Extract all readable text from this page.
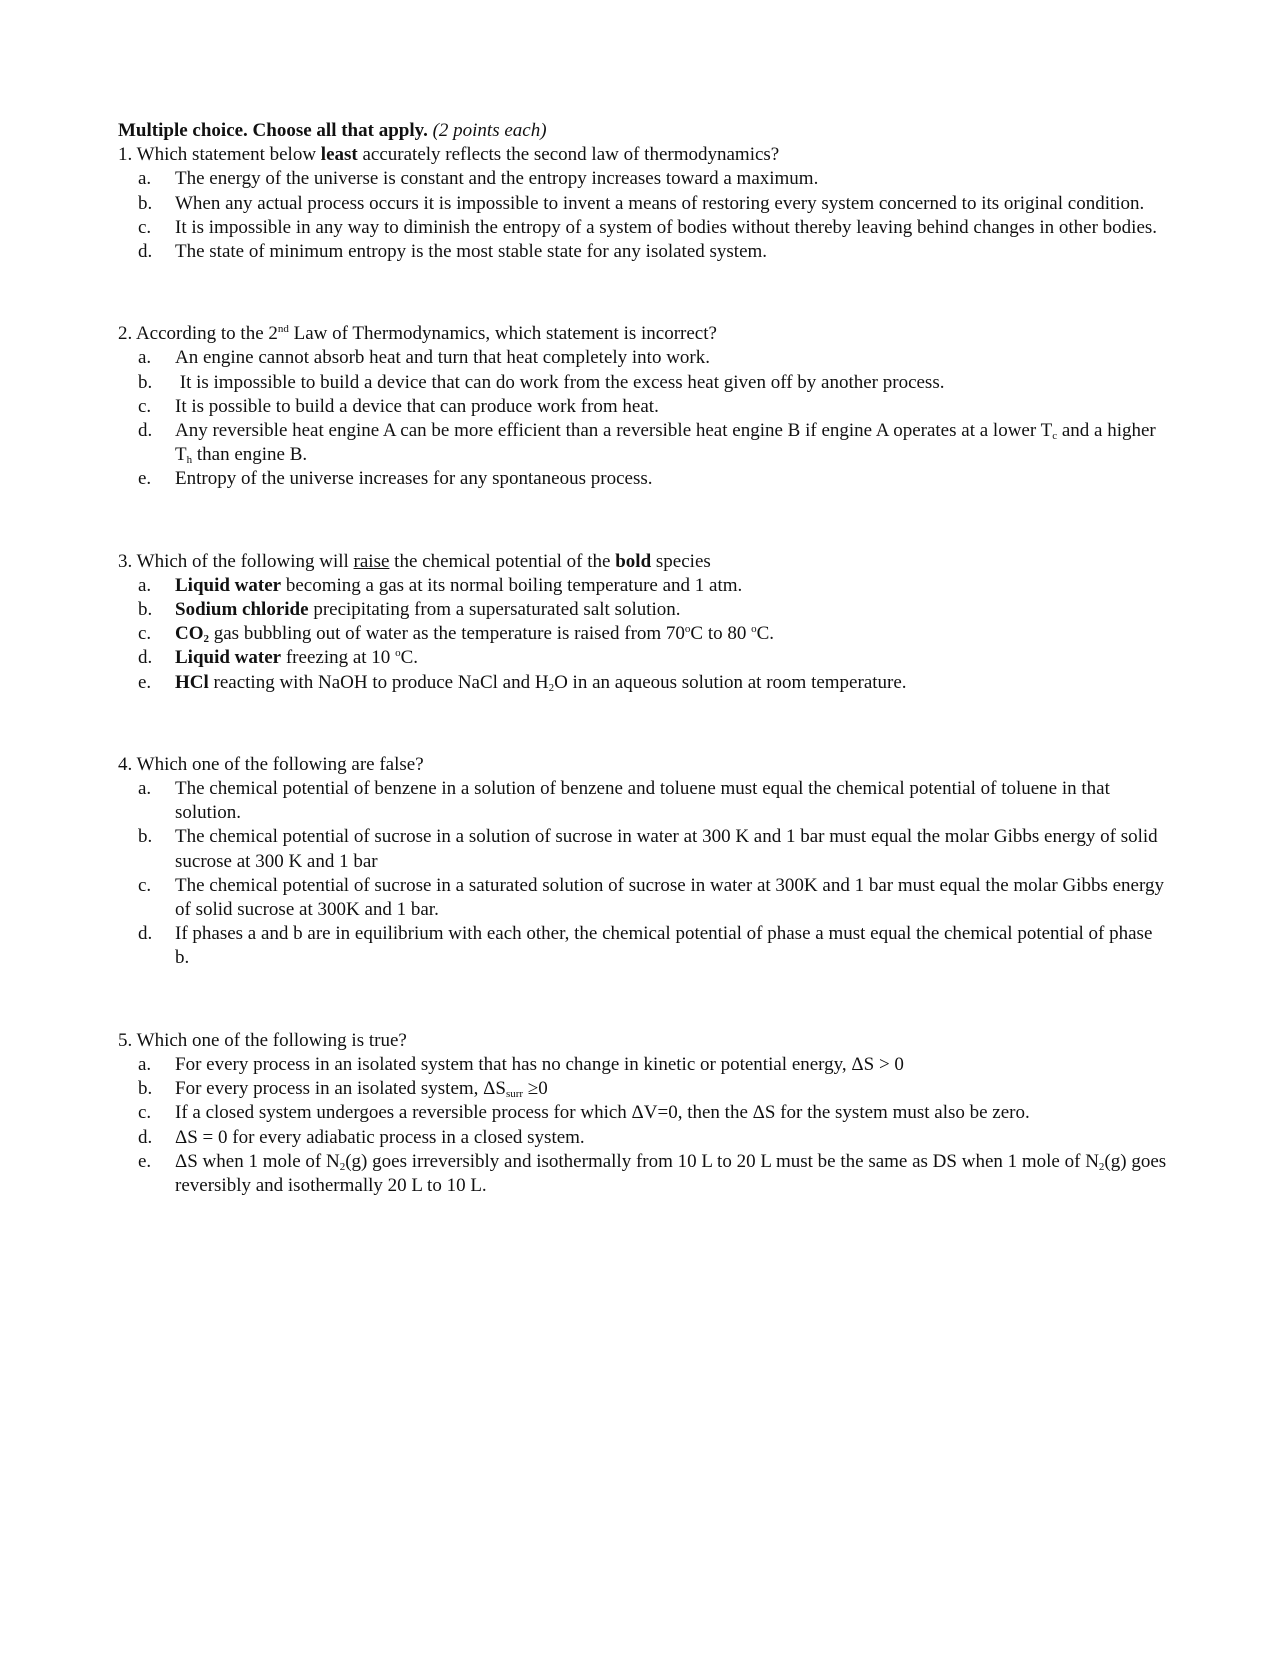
Multiple choice. Choose all that apply. (2 points each)

1. Which statement below least accurately reflects the second law of thermodynamics?

a.	The energy of the universe is constant and the entropy increases toward a maximum.
b.	When any actual process occurs it is impossible to invent a means of restoring every system concerned to its original condition.
c.	It is impossible in any way to diminish the entropy of a system of bodies without thereby leaving behind changes in other bodies.
d.	The state of minimum entropy is the most stable state for any isolated system.

2. According to the 2nd Law of Thermodynamics, which statement is incorrect?

a.	An engine cannot absorb heat and turn that heat completely into work.
b.	It is impossible to build a device that can do work from the excess heat given off by another process.
c.	It is possible to build a device that can produce work from heat.
d.	Any reversible heat engine A can be more efficient than a reversible heat engine B if engine A operates at a lower $T_c$ and a higher $T_h$ than engine B.
e.	Entropy of the universe increases for any spontaneous process.

3. Which of the following will raise the chemical potential of the bold species

a.	Liquid water becoming a gas at its normal boiling temperature and 1 atm.
b.	Sodium chloride precipitating from a supersaturated salt solution.
c.	$CO_2$ gas bubbling out of water as the temperature is raised from 70$^o$C to 80 $^o$C.
d.	Liquid water freezing at 10 $^o$C.
e.	HCl reacting with NaOH to produce NaCl and $H_2O$ in an aqueous solution at room temperature.

4. Which one of the following are false?

a.	The chemical potential of benzene in a solution of benzene and toluene must equal the chemical potential of toluene in that solution.
b.	The chemical potential of sucrose in a solution of sucrose in water at 300 K and 1 bar must equal the molar Gibbs energy of solid sucrose at 300 K and 1 bar
c.	The chemical potential of sucrose in a saturated solution of sucrose in water at 300K and 1 bar must equal the molar Gibbs energy of solid sucrose at 300K and 1 bar.
d.	If phases a and b are in equilibrium with each other, the chemical potential of phase a must equal the chemical potential of phase b.

5. Which one of the following is true?

a.	For every process in an isolated system that has no change in kinetic or potential energy, ΔS > 0
b.	For every process in an isolated system, $\Delta S_{surr} \ge 0$
c.	If a closed system undergoes a reversible process for which ΔV=0, then the ΔS for the system must also be zero.
d.	ΔS = 0 for every adiabatic process in a closed system.
e.	ΔS when 1 mole of $N_2(g)$ goes irreversibly and isothermally from 10 L to 20 L must be the same as DS when 1 mole of $N_2(g)$ goes reversibly and isothermally 20 L to 10 L.
